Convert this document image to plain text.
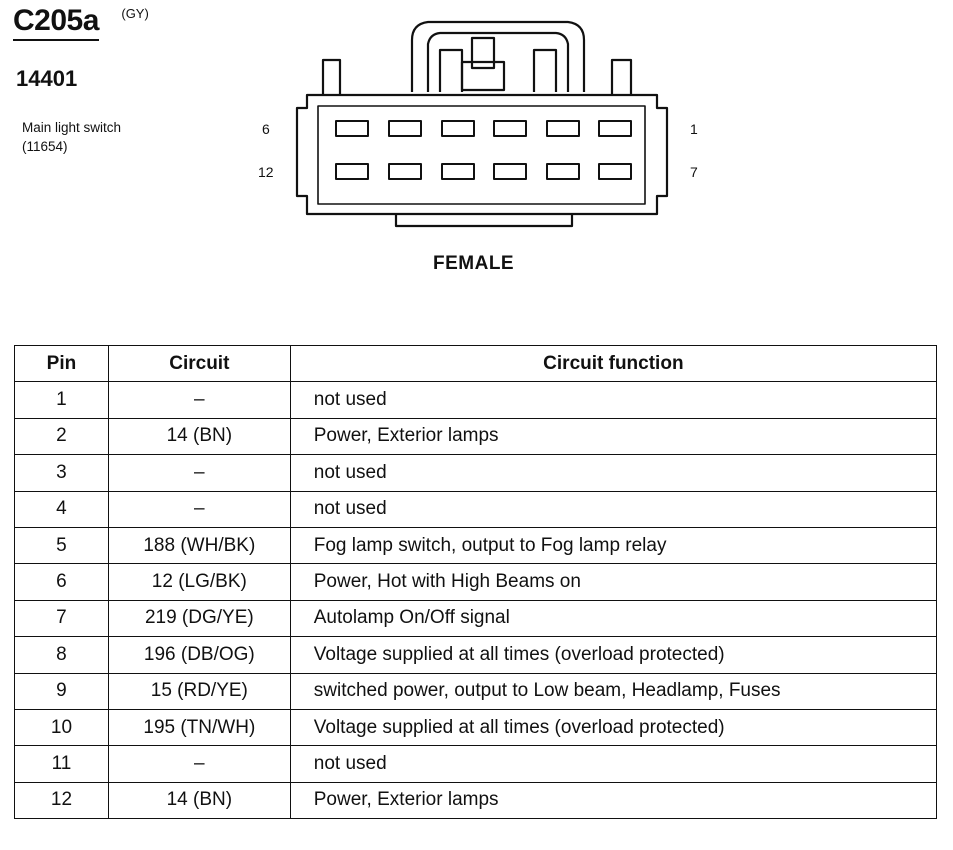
C205a $^{(GY)}$
14401
Main light switch
(11654)
6
12
1
7
FEMALE
Pin	Circuit	Circuit function
1	–	not used
2	14 (BN)	Power, Exterior lamps
3	–	not used
4	–	not used
5	188 (WH/BK)	Fog lamp switch, output to Fog lamp relay
6	12 (LG/BK)	Power, Hot with High Beams on
7	219 (DG/YE)	Autolamp On/Off signal
8	196 (DB/OG)	Voltage supplied at all times (overload protected)
9	15 (RD/YE)	switched power, output to Low beam, Headlamp, Fuses
10	195 (TN/WH)	Voltage supplied at all times (overload protected)
11	–	not used
12	14 (BN)	Power, Exterior lamps
